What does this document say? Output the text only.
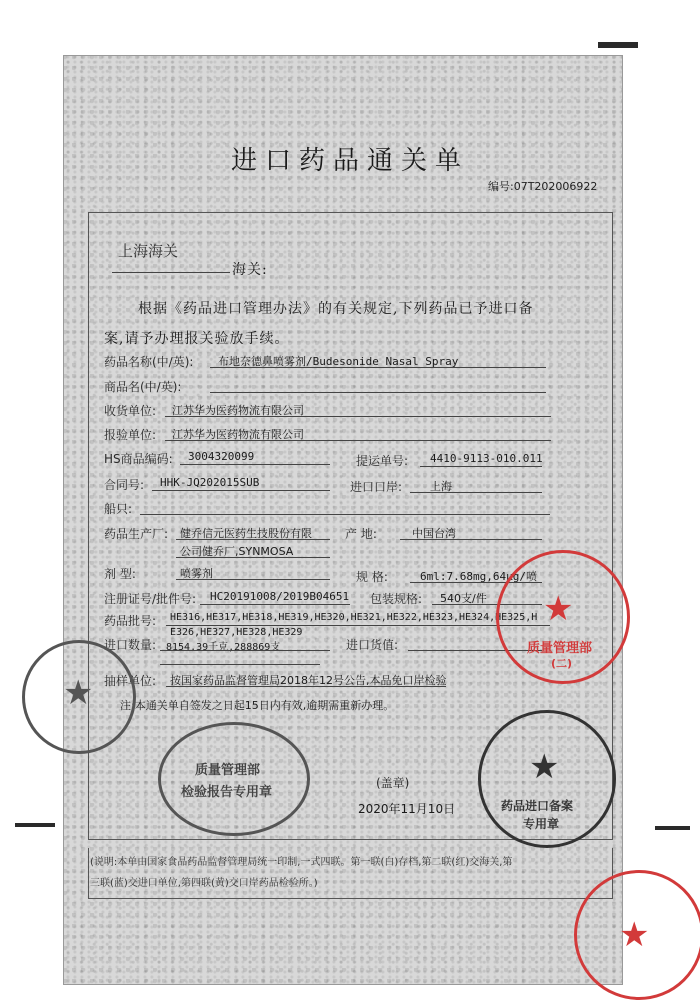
进口药品通关单
编号:07T202006922
上海海关
海关:
根据《药品进口管理办法》的有关规定,下列药品已予进口备
案,请予办理报关验放手续。
药品名称(中/英): 布地奈德鼻喷雾剂/Budesonide Nasal Spray
商品名(中/英):
收货单位: 江苏华为医药物流有限公司
报验单位: 江苏华为医药物流有限公司
HS商品编码: 3004320099	提运单号: 4410-9113-010.011
合同号: HHK-JQ202015SUB	进口口岸:	上海
船只:
药品生产厂: 健乔信元医药生技股份有限
公司健乔厂,SYNMOSA
产 地:	中国台湾
剂 型:	喷雾剂	规 格:	6ml:7.68mg,64μg/喷
注册证号/批件号: HC20191008/2019B04651 包装规格: 540支/件
药品批号: HE316,HE317,HE318,HE319,HE320,HE321,HE322,HE323,HE324,HE325,H
E326,HE327,HE328,HE329
进口数量: 8154.39千克,288869支	进口货值:
抽样单位: 按国家药品监督管理局2018年12号公告,本品免口岸检验
注:本通关单自签发之日起15日内有效,逾期需重新办理。
(盖章)
2020年11月10日
(说明:本单由国家食品药品监督管理局统一印制,一式四联。第一联(白)存档,第二联(红)交海关,第
三联(蓝)交进口单位,第四联(黄)交口岸药品检验所。)
★
质量管理部
(二)
★
质量管理部
检验报告专用章
★
药品进口备案
专用章
★
